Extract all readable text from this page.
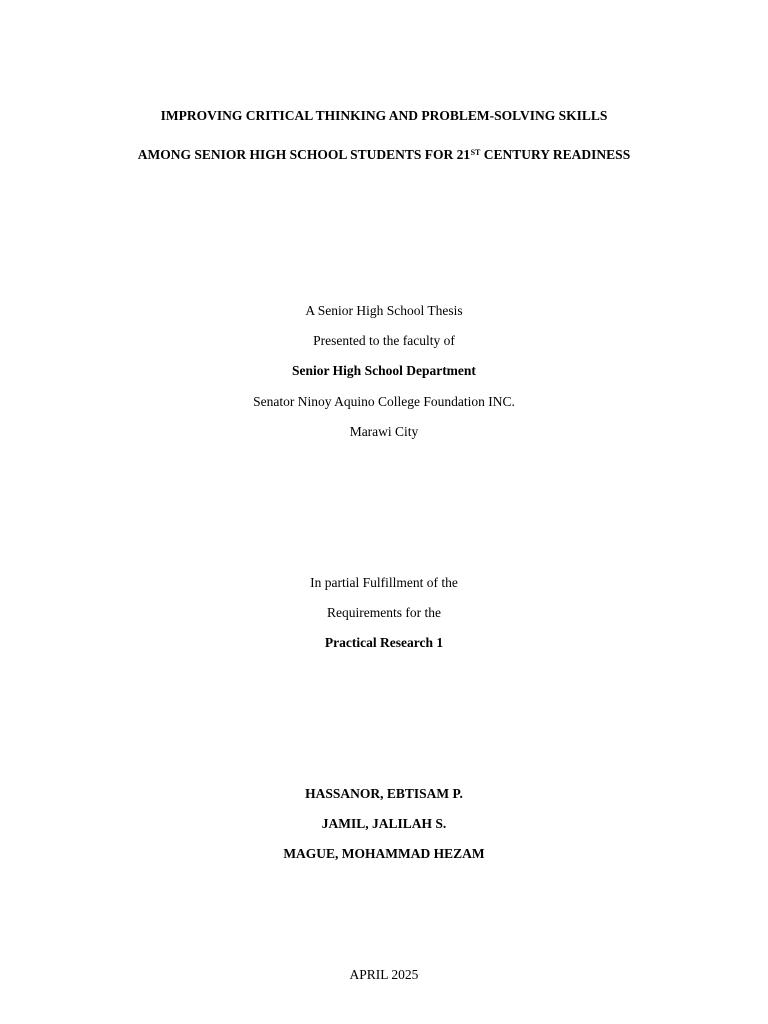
IMPROVING CRITICAL THINKING AND PROBLEM-SOLVING SKILLS
AMONG SENIOR HIGH SCHOOL STUDENTS FOR 21ST CENTURY READINESS
A Senior High School Thesis
Presented to the faculty of
Senior High School Department
Senator Ninoy Aquino College Foundation INC.
Marawi City
In partial Fulfillment of the
Requirements for the
Practical Research 1
HASSANOR, EBTISAM P.
JAMIL, JALILAH S.
MAGUE, MOHAMMAD HEZAM
APRIL 2025
